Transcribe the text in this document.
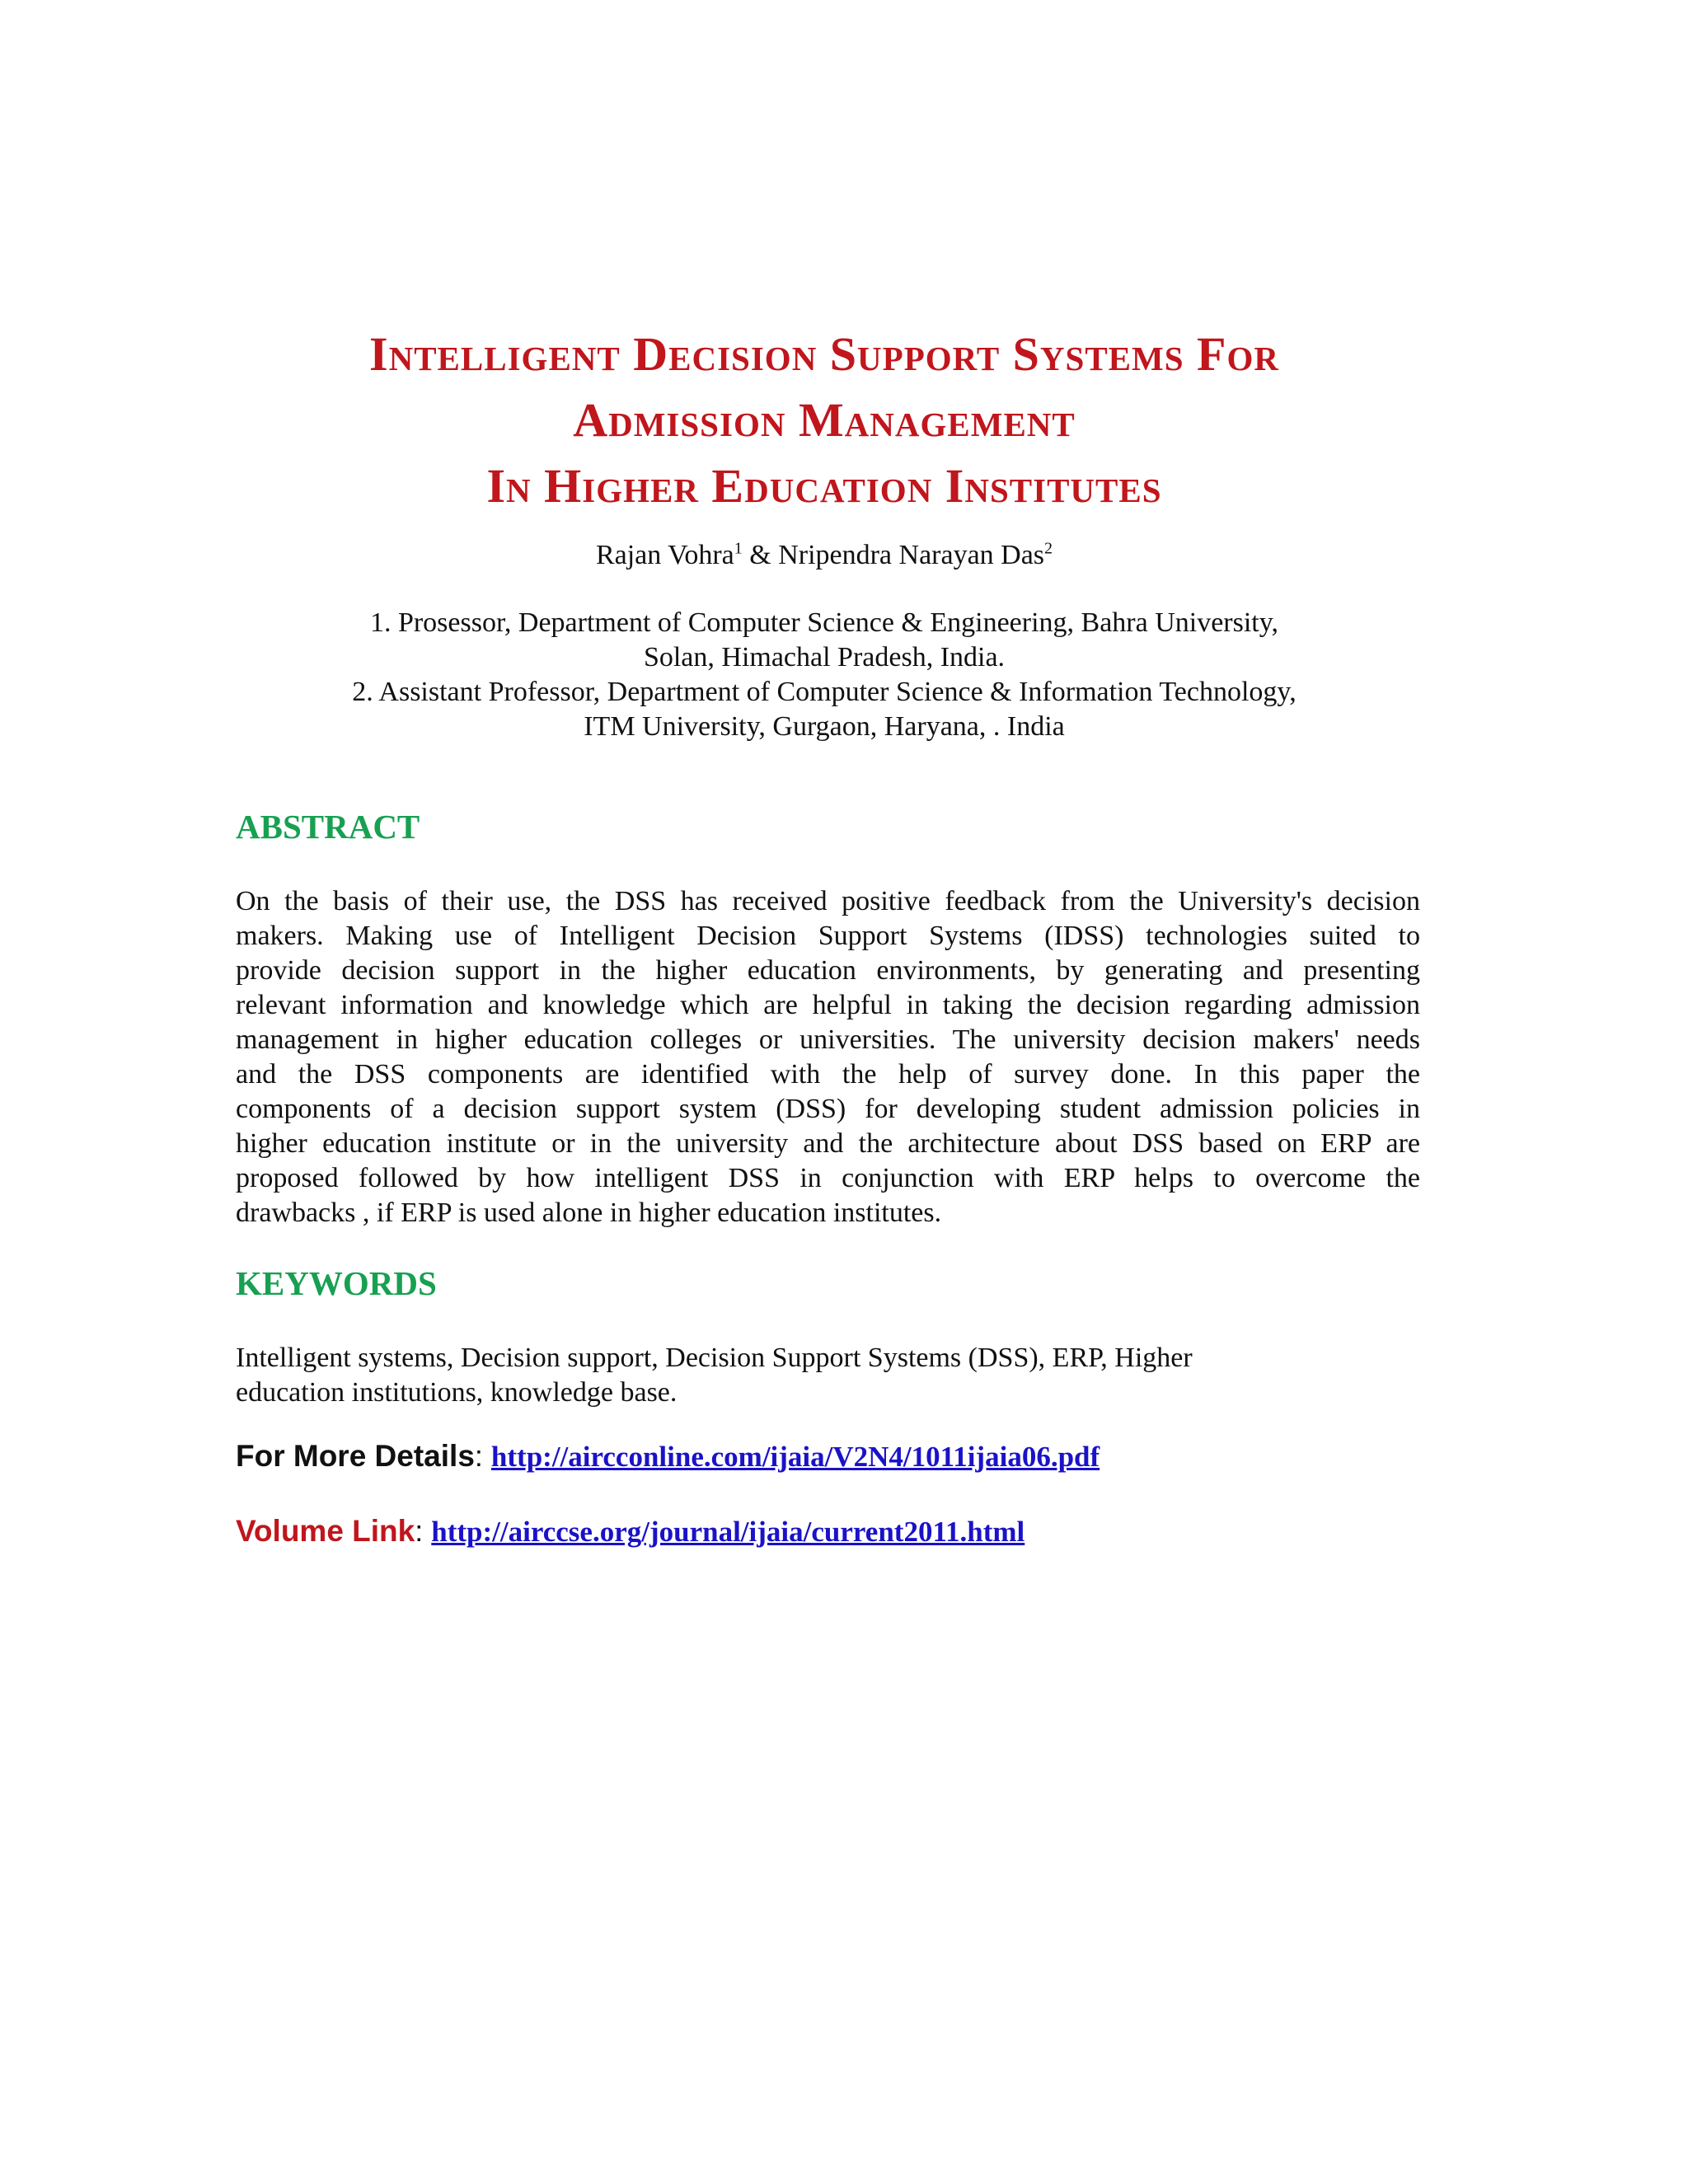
Intelligent Decision Support Systems For
Admission Management
In Higher Education Institutes
Rajan Vohra$^1$ & Nripendra Narayan Das$^2$
1. Prosessor, Department of Computer Science & Engineering, Bahra University,
Solan, Himachal Pradesh, India.
2. Assistant Professor, Department of Computer Science & Information Technology,
ITM University, Gurgaon, Haryana, . India
ABSTRACT
On the basis of their use, the DSS has received positive feedback from the University's decision
makers. Making use of Intelligent Decision Support Systems (IDSS) technologies suited to
provide decision support in the higher education environments, by generating and presenting
relevant information and knowledge which are helpful in taking the decision regarding admission
management in higher education colleges or universities. The university decision makers' needs
and the DSS components are identified with the help of survey done. In this paper the
components of a decision support system (DSS) for developing student admission policies in
higher education institute or in the university and the architecture about DSS based on ERP are
proposed followed by how intelligent DSS in conjunction with ERP helps to overcome the
drawbacks , if ERP is used alone in higher education institutes.
KEYWORDS
Intelligent systems, Decision support, Decision Support Systems (DSS), ERP, Higher
education institutions, knowledge base.
For More Details: http://aircconline.com/ijaia/V2N4/1011ijaia06.pdf
Volume Link: http://airccse.org/journal/ijaia/current2011.html
